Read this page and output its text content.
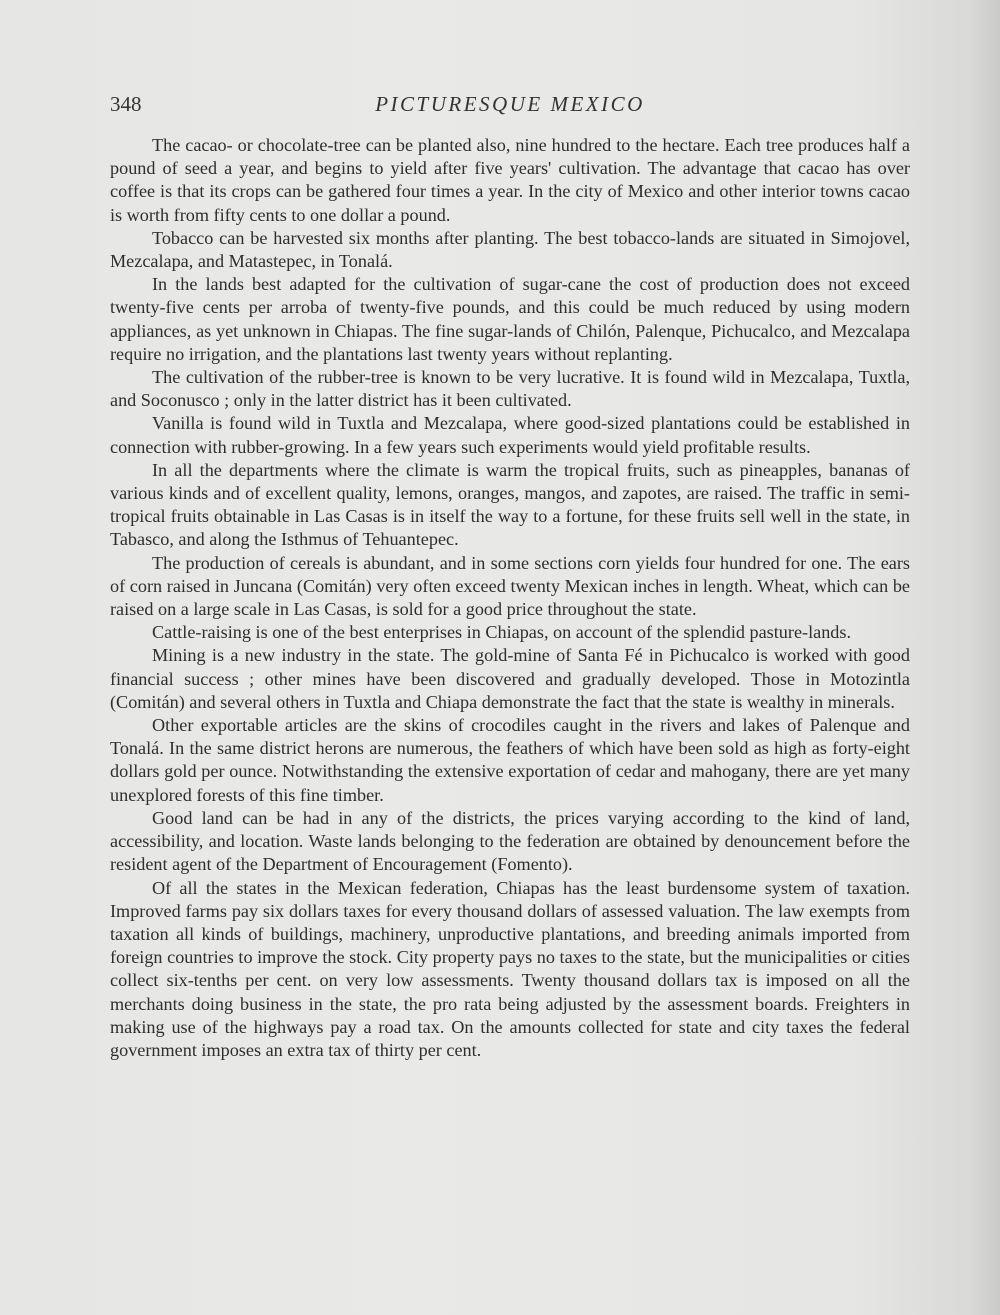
348	PICTURESQUE MEXICO

The cacao- or chocolate-tree can be planted also, nine hundred to the hectare. Each tree produces half a pound of seed a year, and begins to yield after five years' cultivation. The advantage that cacao has over coffee is that its crops can be gathered four times a year. In the city of Mexico and other interior towns cacao is worth from fifty cents to one dollar a pound.

Tobacco can be harvested six months after planting. The best tobacco-lands are situated in Simojovel, Mezcalapa, and Matastepec, in Tonalá.

In the lands best adapted for the cultivation of sugar-cane the cost of production does not exceed twenty-five cents per arroba of twenty-five pounds, and this could be much reduced by using modern appliances, as yet unknown in Chiapas. The fine sugar-lands of Chilón, Palenque, Pichucalco, and Mezcalapa require no irrigation, and the plantations last twenty years without replanting.

The cultivation of the rubber-tree is known to be very lucrative. It is found wild in Mezcalapa, Tuxtla, and Soconusco ; only in the latter district has it been cultivated.

Vanilla is found wild in Tuxtla and Mezcalapa, where good-sized plantations could be established in connection with rubber-growing. In a few years such experiments would yield profitable results.

In all the departments where the climate is warm the tropical fruits, such as pineapples, bananas of various kinds and of excellent quality, lemons, oranges, mangos, and zapotes, are raised. The traffic in semi-tropical fruits obtainable in Las Casas is in itself the way to a fortune, for these fruits sell well in the state, in Tabasco, and along the Isthmus of Tehuantepec.

The production of cereals is abundant, and in some sections corn yields four hundred for one. The ears of corn raised in Juncana (Comitán) very often exceed twenty Mexican inches in length. Wheat, which can be raised on a large scale in Las Casas, is sold for a good price throughout the state.

Cattle-raising is one of the best enterprises in Chiapas, on account of the splendid pasture-lands.

Mining is a new industry in the state. The gold-mine of Santa Fé in Pichucalco is worked with good financial success ; other mines have been discovered and gradually developed. Those in Motozintla (Comitán) and several others in Tuxtla and Chiapa demonstrate the fact that the state is wealthy in minerals.

Other exportable articles are the skins of crocodiles caught in the rivers and lakes of Palenque and Tonalá. In the same district herons are numerous, the feathers of which have been sold as high as forty-eight dollars gold per ounce. Notwithstanding the extensive exportation of cedar and mahogany, there are yet many unexplored forests of this fine timber.

Good land can be had in any of the districts, the prices varying according to the kind of land, accessibility, and location. Waste lands belonging to the federation are obtained by denouncement before the resident agent of the Department of Encouragement (Fomento).

Of all the states in the Mexican federation, Chiapas has the least burdensome system of taxation. Improved farms pay six dollars taxes for every thousand dollars of assessed valuation. The law exempts from taxation all kinds of buildings, machinery, unproductive plantations, and breeding animals imported from foreign countries to improve the stock. City property pays no taxes to the state, but the municipalities or cities collect six-tenths per cent. on very low assessments. Twenty thousand dollars tax is imposed on all the merchants doing business in the state, the pro rata being adjusted by the assessment boards. Freighters in making use of the highways pay a road tax. On the amounts collected for state and city taxes the federal government imposes an extra tax of thirty per cent.
